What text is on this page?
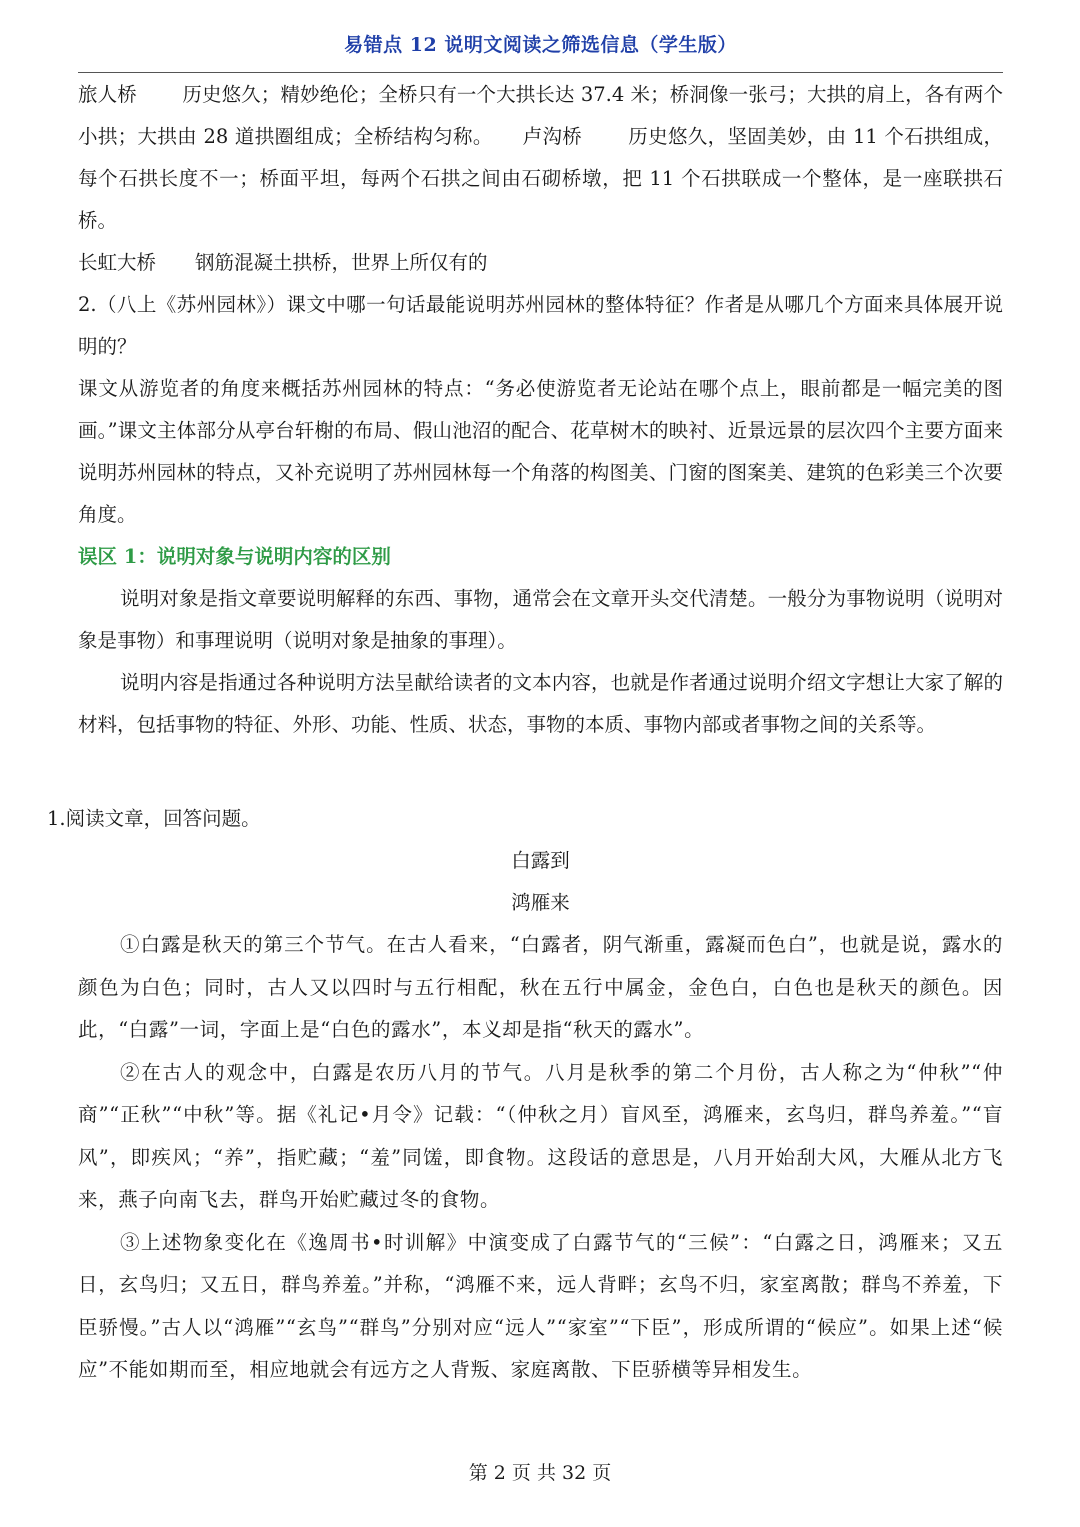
易错点 12 说明文阅读之筛选信息（学生版）

旅人桥　　 历史悠久；精妙绝伦；全桥只有一个大拱长达 37.4 米；桥洞像一张弓；大拱的肩上，各有两个小拱；大拱由 28 道拱圈组成；全桥结构匀称。　　卢沟桥　　 历史悠久，坚固美妙，由 11 个石拱组成，每个石拱长度不一；桥面平坦，每两个石拱之间由石砌桥墩，把 11 个石拱联成一个整体，是一座联拱石桥。

长虹大桥　　钢筋混凝土拱桥，世界上所仅有的

2.（八上《苏州园林》）课文中哪一句话最能说明苏州园林的整体特征？作者是从哪几个方面来具体展开说明的？

课文从游览者的角度来概括苏州园林的特点：“务必使游览者无论站在哪个点上，眼前都是一幅完美的图画。”课文主体部分从亭台轩榭的布局、假山池沼的配合、花草树木的映衬、近景远景的层次四个主要方面来说明苏州园林的特点，又补充说明了苏州园林每一个角落的构图美、门窗的图案美、建筑的色彩美三个次要角度。

误区 1：说明对象与说明内容的区别

说明对象是指文章要说明解释的东西、事物，通常会在文章开头交代清楚。一般分为事物说明（说明对象是事物）和事理说明（说明对象是抽象的事理）。

说明内容是指通过各种说明方法呈献给读者的文本内容，也就是作者通过说明介绍文字想让大家了解的材料，包括事物的特征、外形、功能、性质、状态，事物的本质、事物内部或者事物之间的关系等。

1.阅读文章，回答问题。

白露到

鸿雁来

①白露是秋天的第三个节气。在古人看来，“白露者，阴气渐重，露凝而色白”，也就是说，露水的颜色为白色；同时，古人又以四时与五行相配，秋在五行中属金，金色白，白色也是秋天的颜色。因此，“白露”一词，字面上是“白色的露水”，本义却是指“秋天的露水”。

②在古人的观念中，白露是农历八月的节气。八月是秋季的第二个月份，古人称之为“仲秋”“仲商”“正秋”“中秋”等。据《礼记•月令》记载：“（仲秋之月）盲风至，鸿雁来，玄鸟归，群鸟养羞。”“盲风”，即疾风；“养”，指贮藏；“羞”同馐，即食物。这段话的意思是，八月开始刮大风，大雁从北方飞来，燕子向南飞去，群鸟开始贮藏过冬的食物。

③上述物象变化在《逸周书•时训解》中演变成了白露节气的“三候”：“白露之日，鸿雁来；又五日，玄鸟归；又五日，群鸟养羞。”并称，“鸿雁不来，远人背畔；玄鸟不归，家室离散；群鸟不养羞，下臣骄慢。”古人以“鸿雁”“玄鸟”“群鸟”分别对应“远人”“家室”“下臣”，形成所谓的“候应”。如果上述“候应”不能如期而至，相应地就会有远方之人背叛、家庭离散、下臣骄横等异相发生。

第 2 页 共 32 页
